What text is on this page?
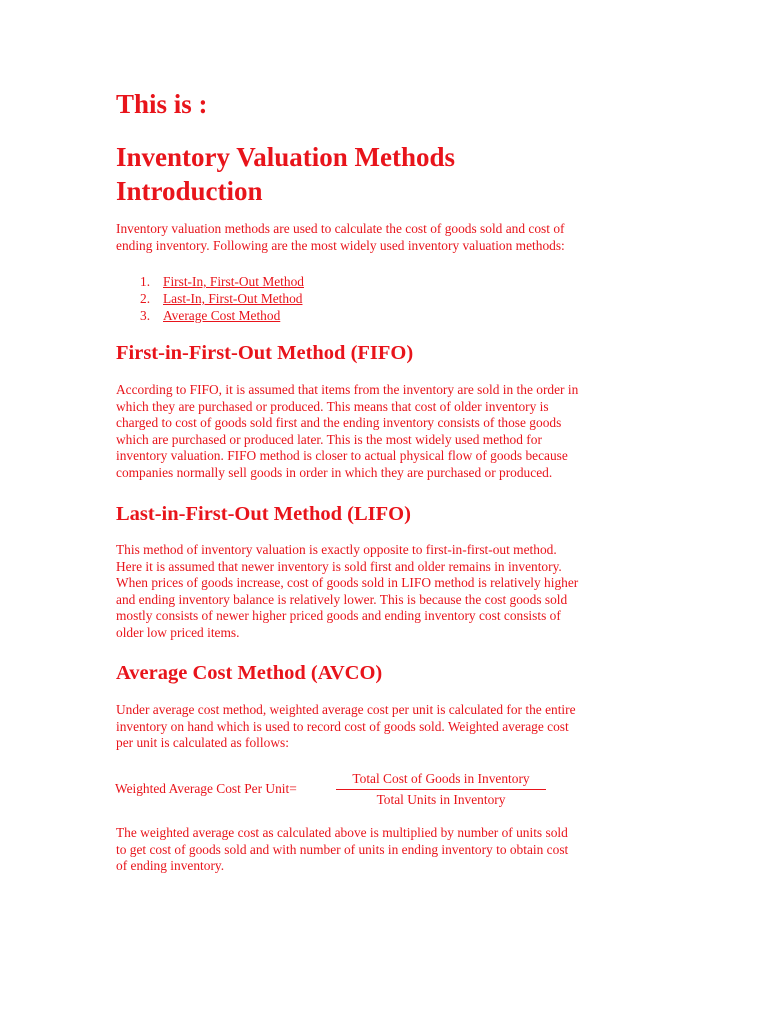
This is :
Inventory Valuation Methods
Introduction

Inventory valuation methods are used to calculate the cost of goods sold and cost of
ending inventory. Following are the most widely used inventory valuation methods:

1. First-In, First-Out Method
2. Last-In, First-Out Method
3. Average Cost Method
First-in-First-Out Method (FIFO)

According to FIFO, it is assumed that items from the inventory are sold in the order in
which they are purchased or produced. This means that cost of older inventory is
charged to cost of goods sold first and the ending inventory consists of those goods
which are purchased or produced later. This is the most widely used method for
inventory valuation. FIFO method is closer to actual physical flow of goods because
companies normally sell goods in order in which they are purchased or produced.

Last-in-First-Out Method (LIFO)

This method of inventory valuation is exactly opposite to first-in-first-out method.
Here it is assumed that newer inventory is sold first and older remains in inventory.
When prices of goods increase, cost of goods sold in LIFO method is relatively higher
and ending inventory balance is relatively lower. This is because the cost goods sold
mostly consists of newer higher priced goods and ending inventory cost consists of
older low priced items.

Average Cost Method (AVCO)

Under average cost method, weighted average cost per unit is calculated for the entire
inventory on hand which is used to record cost of goods sold. Weighted average cost
per unit is calculated as follows:

Weighted Average Cost Per Unit=
Total Cost of Goods in Inventory
Total Units in Inventory

The weighted average cost as calculated above is multiplied by number of units sold
to get cost of goods sold and with number of units in ending inventory to obtain cost
of ending inventory.
